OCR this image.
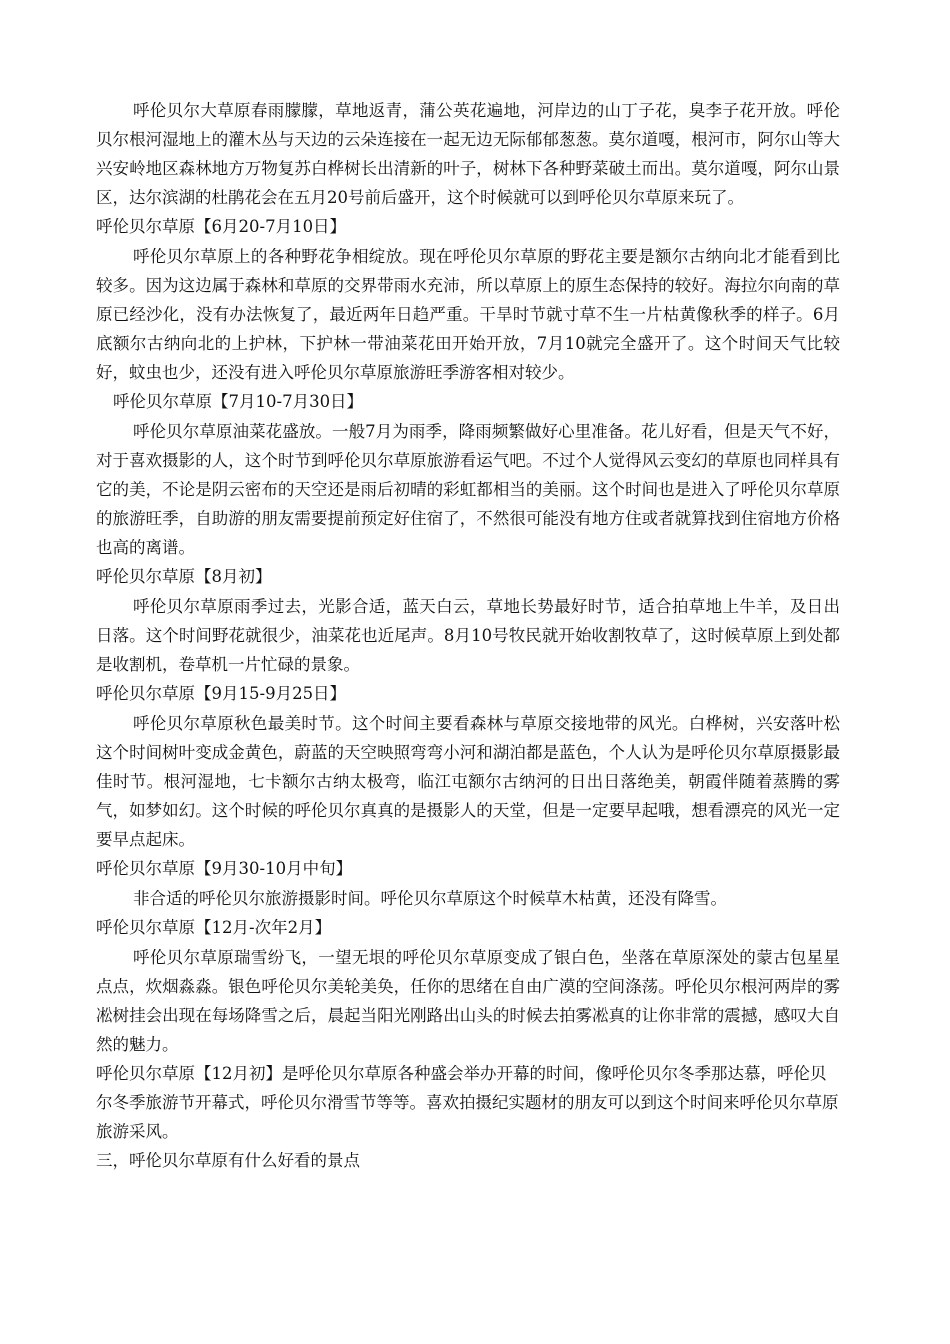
呼伦贝尔大草原春雨朦朦，草地返青，蒲公英花遍地，河岸边的山丁子花，臭李子花开放。呼伦贝尔根河湿地上的灌木丛与天边的云朵连接在一起无边无际郁郁葱葱。莫尔道嘎，根河市，阿尔山等大兴安岭地区森林地方万物复苏白桦树长出清新的叶子，树林下各种野菜破土而出。莫尔道嘎，阿尔山景区，达尔滨湖的杜鹃花会在五月20号前后盛开，这个时候就可以到呼伦贝尔草原来玩了。

呼伦贝尔草原【6月20-7月10日】

呼伦贝尔草原上的各种野花争相绽放。现在呼伦贝尔草原的野花主要是额尔古纳向北才能看到比较多。因为这边属于森林和草原的交界带雨水充沛，所以草原上的原生态保持的较好。海拉尔向南的草原已经沙化，没有办法恢复了，最近两年日趋严重。干旱时节就寸草不生一片枯黄像秋季的样子。6月底额尔古纳向北的上护林，下护林一带油菜花田开始开放，7月10就完全盛开了。这个时间天气比较好，蚊虫也少，还没有进入呼伦贝尔草原旅游旺季游客相对较少。

呼伦贝尔草原【7月10-7月30日】

呼伦贝尔草原油菜花盛放。一般7月为雨季，降雨频繁做好心里准备。花儿好看，但是天气不好，对于喜欢摄影的人，这个时节到呼伦贝尔草原旅游看运气吧。不过个人觉得风云变幻的草原也同样具有它的美，不论是阴云密布的天空还是雨后初晴的彩虹都相当的美丽。这个时间也是进入了呼伦贝尔草原的旅游旺季，自助游的朋友需要提前预定好住宿了，不然很可能没有地方住或者就算找到住宿地方价格也高的离谱。

呼伦贝尔草原【8月初】

呼伦贝尔草原雨季过去，光影合适，蓝天白云，草地长势最好时节，适合拍草地上牛羊，及日出日落。这个时间野花就很少，油菜花也近尾声。8月10号牧民就开始收割牧草了，这时候草原上到处都是收割机，卷草机一片忙碌的景象。

呼伦贝尔草原【9月15-9月25日】

呼伦贝尔草原秋色最美时节。这个时间主要看森林与草原交接地带的风光。白桦树，兴安落叶松这个时间树叶变成金黄色，蔚蓝的天空映照弯弯小河和湖泊都是蓝色，个人认为是呼伦贝尔草原摄影最佳时节。根河湿地，七卡额尔古纳太极弯，临江屯额尔古纳河的日出日落绝美，朝霞伴随着蒸腾的雾气，如梦如幻。这个时候的呼伦贝尔真真的是摄影人的天堂，但是一定要早起哦，想看漂亮的风光一定要早点起床。

呼伦贝尔草原【9月30-10月中旬】

非合适的呼伦贝尔旅游摄影时间。呼伦贝尔草原这个时候草木枯黄，还没有降雪。

呼伦贝尔草原【12月-次年2月】

呼伦贝尔草原瑞雪纷飞，一望无垠的呼伦贝尔草原变成了银白色，坐落在草原深处的蒙古包星星点点，炊烟淼淼。银色呼伦贝尔美轮美奂，任你的思绪在自由广漠的空间涤荡。呼伦贝尔根河两岸的雾凇树挂会出现在每场降雪之后，晨起当阳光刚路出山头的时候去拍雾凇真的让你非常的震撼，感叹大自然的魅力。

呼伦贝尔草原【12月初】是呼伦贝尔草原各种盛会举办开幕的时间，像呼伦贝尔冬季那达慕，呼伦贝尔冬季旅游节开幕式，呼伦贝尔滑雪节等等。喜欢拍摄纪实题材的朋友可以到这个时间来呼伦贝尔草原旅游采风。

三，呼伦贝尔草原有什么好看的景点
